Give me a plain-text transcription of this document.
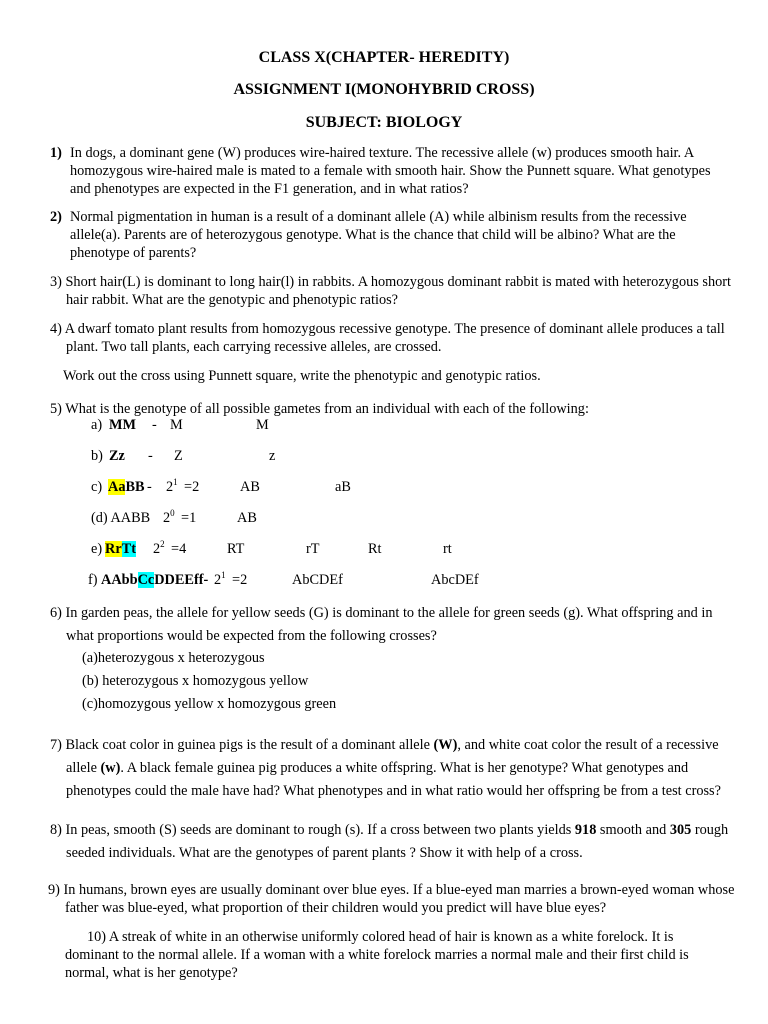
CLASS X(CHAPTER- HEREDITY)
ASSIGNMENT I(MONOHYBRID CROSS)
SUBJECT: BIOLOGY
1) In dogs, a dominant gene (W) produces wire-haired texture. The recessive allele (w) produces smooth hair. A homozygous wire-haired male is mated to a female with smooth hair. Show the Punnett square. What genotypes and phenotypes are expected in the F1 generation, and in what ratios?
2) Normal pigmentation in human is a result of a dominant allele (A) while albinism results from the recessive allele(a). Parents are of heterozygous genotype. What is the chance that child will be albino? What are the phenotype of parents?
3) Short hair(L) is dominant to long hair(l) in rabbits. A homozygous dominant rabbit is mated with heterozygous short hair rabbit. What are the genotypic and phenotypic ratios?
4) A dwarf tomato plant results from homozygous recessive genotype. The presence of dominant allele produces a tall plant. Two tall plants, each carrying recessive alleles, are crossed.
Work out the cross using Punnett square, write the phenotypic and genotypic ratios.
5) What is the genotype of all possible gametes from an individual with each of the following:
a) MM - M	M
b) Zz - Z	z
c) AaBB - $2^1 =2$	AB	aB
(d) AABB $2^0 =1$	AB
e) RrTt $2^2 =4$	RT	rT	Rt	rt
f) AAbbCcDDEEff- $2^1 =2$	AbCDEf	AbcDEf
6) In garden peas, the allele for yellow seeds (G) is dominant to the allele for green seeds (g). What offspring and in what proportions would be expected from the following crosses?
(a)heterozygous x heterozygous
(b) heterozygous x homozygous yellow
(c)homozygous yellow x homozygous green
7) Black coat color in guinea pigs is the result of a dominant allele (W), and white coat color the result of a recessive allele (w). A black female guinea pig produces a white offspring. What is her genotype? What genotypes and phenotypes could the male have had? What phenotypes and in what ratio would her offspring be from a test cross?
8) In peas, smooth (S) seeds are dominant to rough (s). If a cross between two plants yields 918 smooth and 305 rough seeded individuals. What are the genotypes of parent plants ? Show it with help of a cross.
9) In humans, brown eyes are usually dominant over blue eyes. If a blue-eyed man marries a brown-eyed woman whose father was blue-eyed, what proportion of their children would you predict will have blue eyes?
10) A streak of white in an otherwise uniformly colored head of hair is known as a white forelock. It is dominant to the normal allele. If a woman with a white forelock marries a normal male and their first child is normal, what is her genotype?
